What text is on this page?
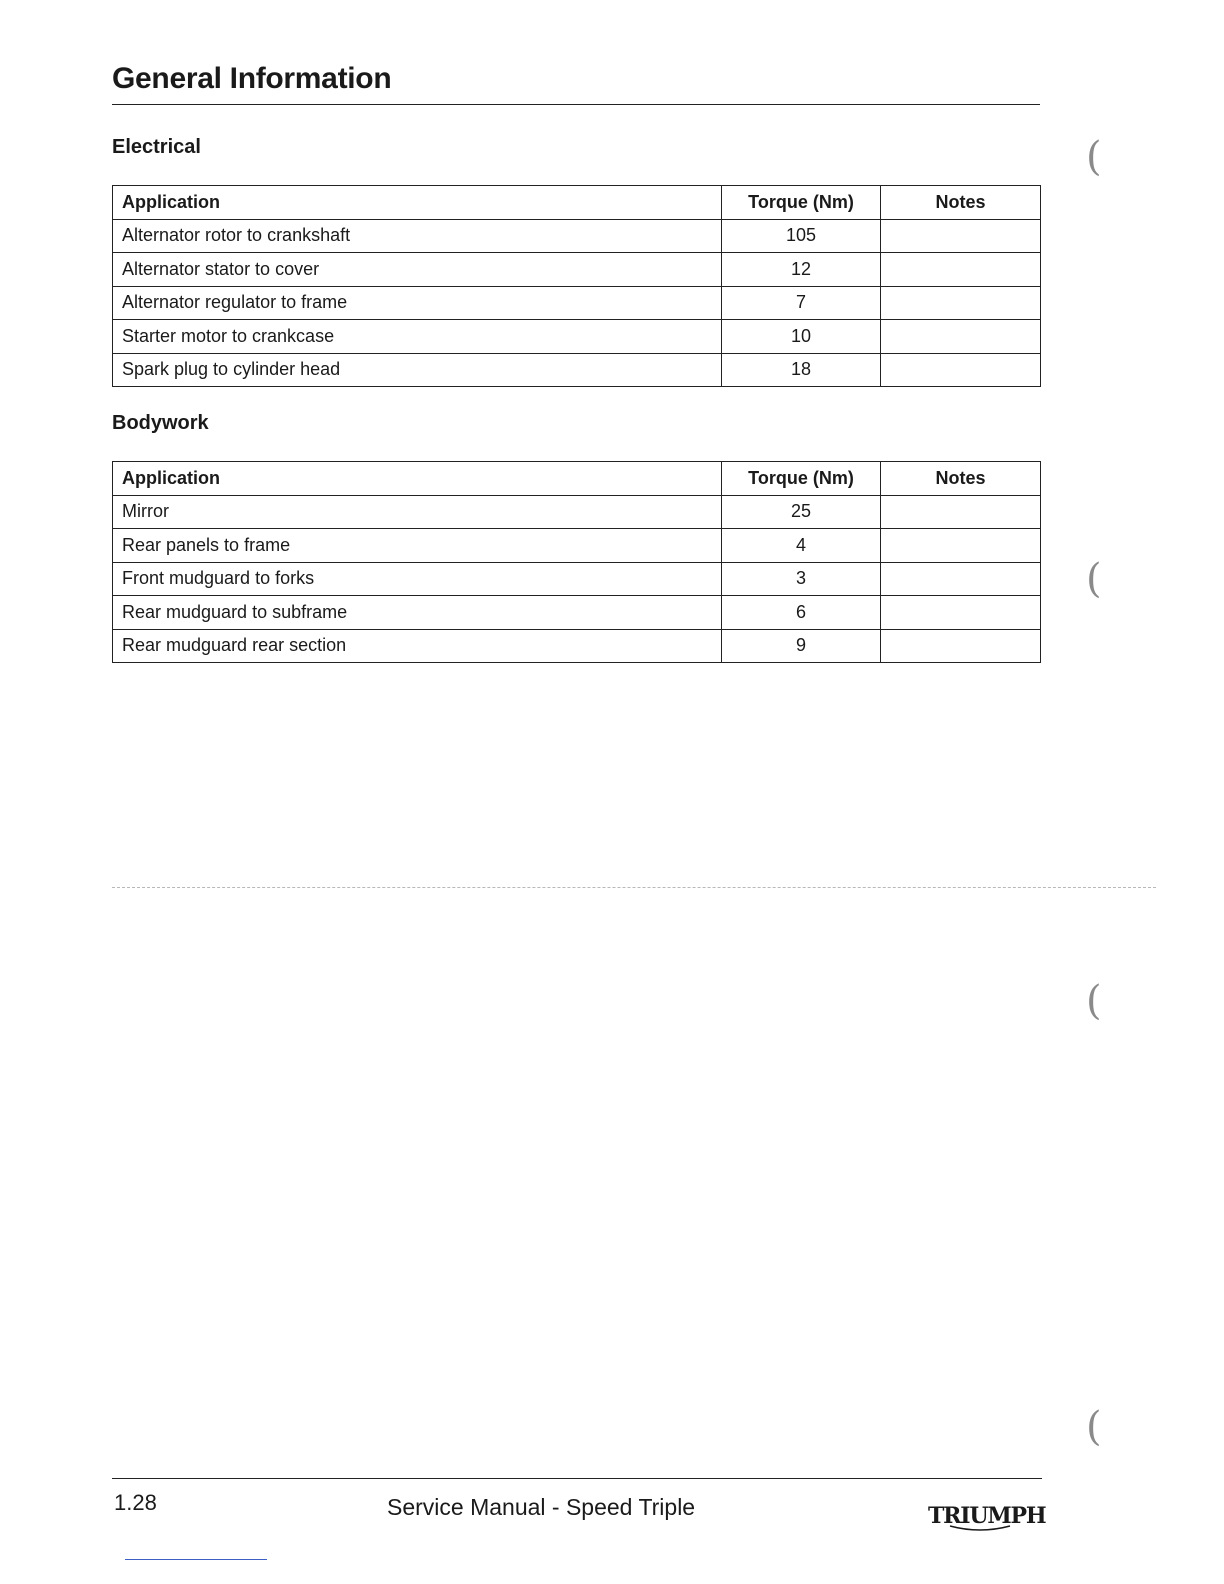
General Information
Electrical
Application	Torque (Nm)	Notes
Alternator rotor to crankshaft	105	
Alternator stator to cover	12	
Alternator regulator to frame	7	
Starter motor to crankcase	10	
Spark plug to cylinder head	18	
Bodywork
Application	Torque (Nm)	Notes
Mirror	25	
Rear panels to frame	4	
Front mudguard to forks	3	
Rear mudguard to subframe	6	
Rear mudguard rear section	9	
(
(
(
(
1.28	Service Manual - Speed Triple	TRIUMPH
